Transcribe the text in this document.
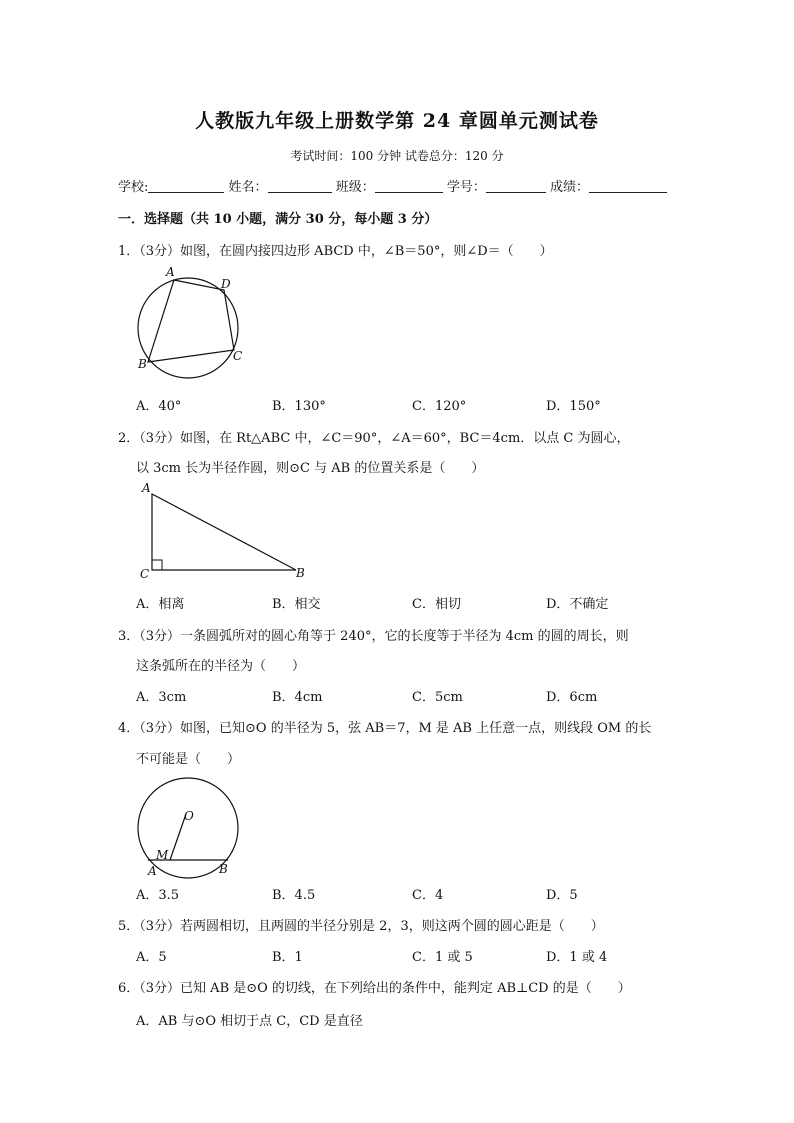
人教版九年级上册数学第 24 章圆单元测试卷
考试时间：100 分钟 试卷总分：120 分
学校:	姓名：	班级：	学号：	成绩：
一．选择题（共 10 小题，满分 30 分，每小题 3 分）
1．（3分）如图，在圆内接四边形 ABCD 中，∠B＝50°，则∠D＝（　　）
A
D
B
C
A．40°	B．130°	C．120°	D．150°
2．（3分）如图，在 Rt△ABC 中，∠C＝90°，∠A＝60°，BC＝4cm．以点 C 为圆心，
以 3cm 长为半径作圆，则⊙C 与 AB 的位置关系是（　　）
A
C	B
A．相离	B．相交	C．相切	D．不确定
3．（3分）一条圆弧所对的圆心角等于 240°，它的长度等于半径为 4cm 的圆的周长，则
这条弧所在的半径为（　　）
A．3cm	B．4cm	C．5cm	D．6cm
4．（3分）如图，已知⊙O 的半径为 5，弦 AB＝7，M 是 AB 上任意一点，则线段 OM 的长
不可能是（　　）
O
M
A	B
A．3.5	B．4.5	C．4	D．5
5．（3分）若两圆相切，且两圆的半径分别是 2，3，则这两个圆的圆心距是（　　）
A．5	B．1	C．1 或 5	D．1 或 4
6．（3分）已知 AB 是⊙O 的切线，在下列给出的条件中，能判定 AB⊥CD 的是（　　）
A．AB 与⊙O 相切于点 C，CD 是直径
